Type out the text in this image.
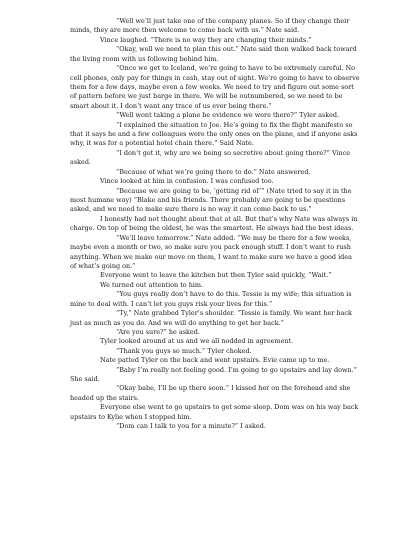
“Well we’ll just take one of the company planes. So if they change their minds, they are more then welcome to come back with us.” Nate said.

Vince laughed. “There is no way they are changing their minds.”

“Okay, well we need to plan this out.” Nate said then walked back toward the living room with us following behind him.

“Once we get to Iceland, we’re going to have to be extremely careful. No cell phones, only pay for things in cash, stay out of sight. We’re going to have to observe them for a few days, maybe even a few weeks. We need to try and figure out some sort of pattern before we just barge in there. We will be outnumbered, so we need to be smart about it. I don’t want any trace of us ever being there.”

“Well wont taking a plane be evidence we were there?” Tyler asked.

“I explained the situation to Joe. He’s going to fix the flight manifesto so that it says he and a few colleagues were the only ones on the plane, and if anyone asks why, it was for a potential hotel chain there.” Said Nate.

“I don’t get it, why are we being so secretive about going there?” Vince asked.

“Because of what we’re going there to do.” Nate answered.

Vince looked at him in confusion. I was confused too.

“Because we are going to be, ‘getting rid of’” (Nate tried to say it in the most humane way) “Blake and his friends. There probably are going to be questions asked, and we need to make sure there is no way it can come back to us.”

I honestly had not thought about that at all. But that’s why Nate was always in charge. On top of being the oldest, he was the smartest. He always had the best ideas.

“We’ll leave tomorrow.” Nate added. “We may be there for a few weeks, maybe even a month or two, so make sure you pack enough stuff. I don’t want to rush anything. When we make our move on them, I want to make sure we have a good idea of what’s going on.”

Everyone went to leave the kitchen but then Tyler said quickly, “Wait.”

We turned out attention to him.

“You guys really don’t have to do this. Tessie is my wife; this situation is mine to deal with. I can’t let you guys risk your lives for this.”

“Ty,” Nate grabbed Tyler’s shoulder. “Tessie is family. We want her back just as much as you do. And we will do anything to get her back.”

“Are you sure?” he asked.

Tyler looked around at us and we all nodded in agreement.

“Thank you guys so much.” Tyler choked.

Nate patted Tyler on the back and went upstairs. Evie came up to me.

“Baby I’m really not feeling good. I’m going to go upstairs and lay down.” She said.

“Okay babe, I’ll be up there soon.” I kissed her on the forehead and she headed up the stairs.

Everyone else went to go upstairs to get some sleep. Dom was on his way back upstairs to Kylie when I stopped him.

“Dom can I talk to you for a minute?” I asked.
